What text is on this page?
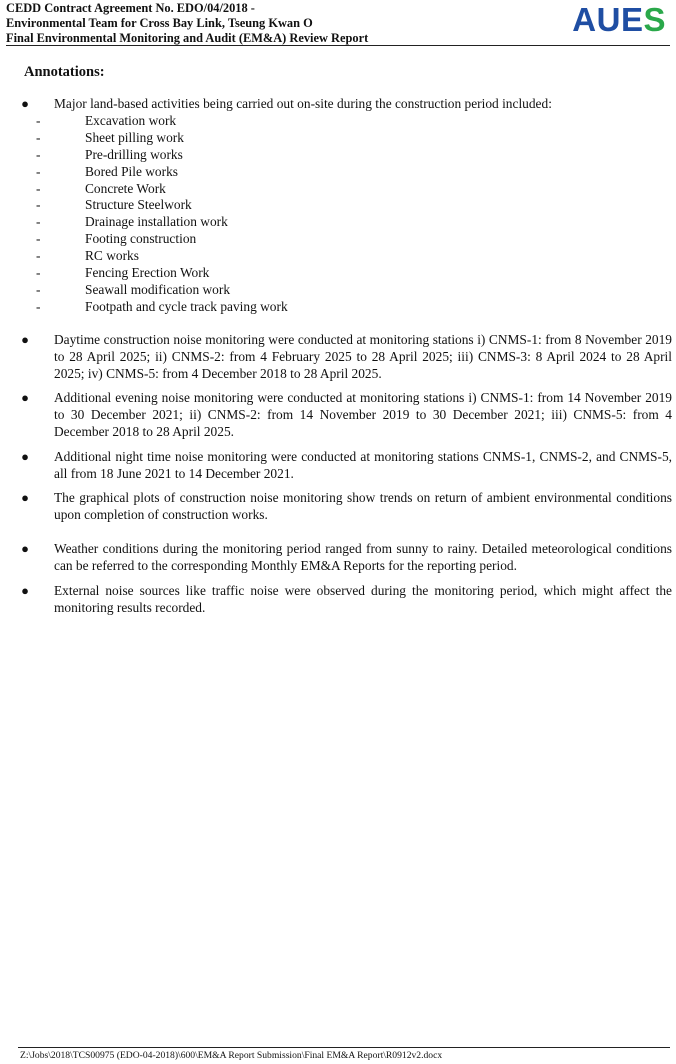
CEDD Contract Agreement No. EDO/04/2018 -
Environmental Team for Cross Bay Link, Tseung Kwan O
Final Environmental Monitoring and Audit (EM&A) Review Report	AUES
Annotations:
● Major land-based activities being carried out on-site during the construction period included:
-	Excavation work
-	Sheet pilling work
-	Pre-drilling works
-	Bored Pile works
-	Concrete Work
-	Structure Steelwork
-	Drainage installation work
-	Footing construction
-	RC works
-	Fencing Erection Work
-	Seawall modification work
-	Footpath and cycle track paving work
● Daytime construction noise monitoring were conducted at monitoring stations i) CNMS-1: from 8 November 2019 to 28 April 2025; ii) CNMS-2: from 4 February 2025 to 28 April 2025; iii) CNMS-3: 8 April 2024 to 28 April 2025; iv) CNMS-5: from 4 December 2018 to 28 April 2025.
● Additional evening noise monitoring were conducted at monitoring stations i) CNMS-1: from 14 November 2019 to 30 December 2021; ii) CNMS-2: from 14 November 2019 to 30 December 2021; iii) CNMS-5: from 4 December 2018 to 28 April 2025.
● Additional night time noise monitoring were conducted at monitoring stations CNMS-1, CNMS-2, and CNMS-5, all from 18 June 2021 to 14 December 2021.
● The graphical plots of construction noise monitoring show trends on return of ambient environmental conditions upon completion of construction works.
● Weather conditions during the monitoring period ranged from sunny to rainy. Detailed meteorological conditions can be referred to the corresponding Monthly EM&A Reports for the reporting period.
● External noise sources like traffic noise were observed during the monitoring period, which might affect the monitoring results recorded.
Z:\Jobs\2018\TCS00975 (EDO-04-2018)\600\EM&A Report Submission\Final EM&A Report\R0912v2.docx
